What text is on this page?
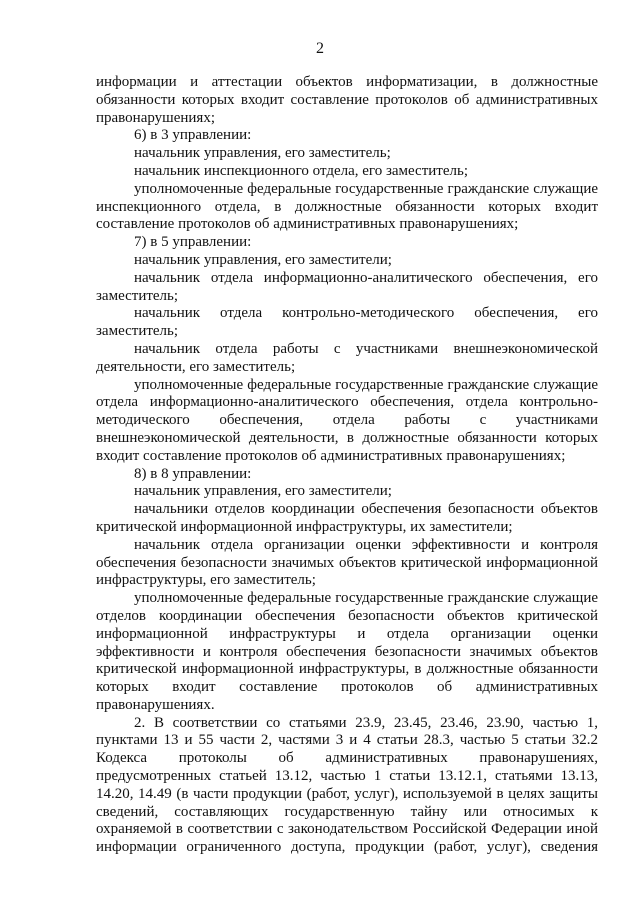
2

информации и аттестации объектов информатизации, в должностные обязанности которых входит составление протоколов об административных правонарушениях;

6) в 3 управлении:

начальник управления, его заместитель;

начальник инспекционного отдела, его заместитель;

уполномоченные федеральные государственные гражданские служащие инспекционного отдела, в должностные обязанности которых входит составление протоколов об административных правонарушениях;

7) в 5 управлении:

начальник управления, его заместители;

начальник отдела информационно-аналитического обеспечения, его заместитель;

начальник отдела контрольно-методического обеспечения, его заместитель;

начальник отдела работы с участниками внешнеэкономической деятельности, его заместитель;

уполномоченные федеральные государственные гражданские служащие отдела информационно-аналитического обеспечения, отдела контрольно-методического обеспечения, отдела работы с участниками внешнеэкономической деятельности, в должностные обязанности которых входит составление протоколов об административных правонарушениях;

8) в 8 управлении:

начальник управления, его заместители;

начальники отделов координации обеспечения безопасности объектов критической информационной инфраструктуры, их заместители;

начальник отдела организации оценки эффективности и контроля обеспечения безопасности значимых объектов критической информационной инфраструктуры, его заместитель;

уполномоченные федеральные государственные гражданские служащие отделов координации обеспечения безопасности объектов критической информационной инфраструктуры и отдела организации оценки эффективности и контроля обеспечения безопасности значимых объектов критической информационной инфраструктуры, в должностные обязанности которых входит составление протоколов об административных правонарушениях.

2. В соответствии со статьями 23.9, 23.45, 23.46, 23.90, частью 1, пунктами 13 и 55 части 2, частями 3 и 4 статьи 28.3, частью 5 статьи 32.2 Кодекса протоколы об административных правонарушениях, предусмотренных статьей 13.12, частью 1 статьи 13.12.1, статьями 13.13, 14.20, 14.49 (в части продукции (работ, услуг), используемой в целях защиты сведений, составляющих государственную тайну или относимых к охраняемой в соответствии с законодательством Российской Федерации иной информации ограниченного доступа, продукции (работ, услуг), сведения
